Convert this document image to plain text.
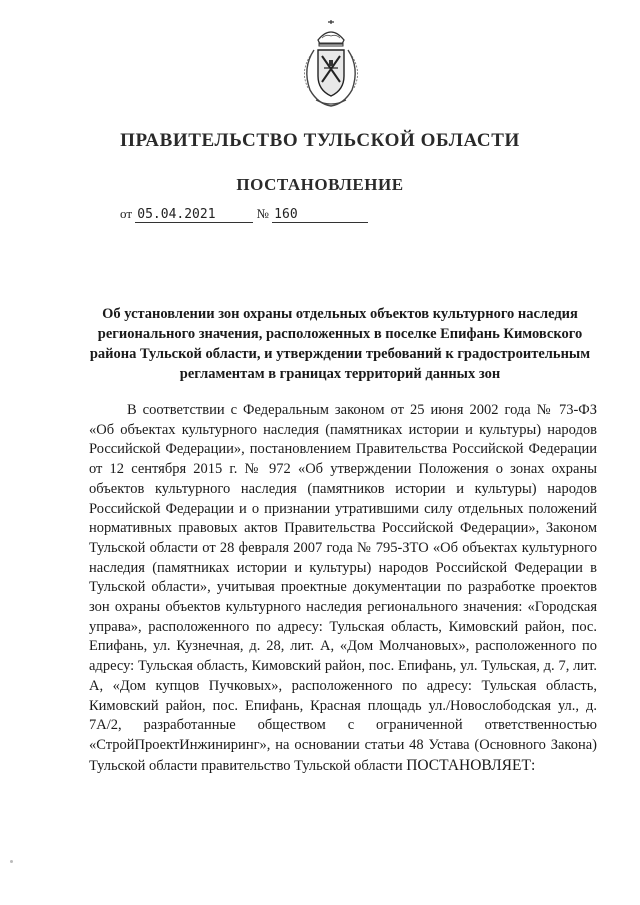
ПРАВИТЕЛЬСТВО ТУЛЬСКОЙ ОБЛАСТИ
ПОСТАНОВЛЕНИЕ
от 05.04.2021	№ 160
Об установлении зон охраны отдельных объектов культурного наследия регионального значения, расположенных в поселке Епифань Кимовского района Тульской области, и утверждении требований к градостроительным регламентам в границах территорий данных зон

В соответствии с Федеральным законом от 25 июня 2002 года № 73-ФЗ «Об объектах культурного наследия (памятниках истории и культуры) народов Российской Федерации», постановлением Правительства Российской Федерации от 12 сентября 2015 г. № 972 «Об утверждении Положения о зонах охраны объектов культурного наследия (памятников истории и культуры) народов Российской Федерации и о признании утратившими силу отдельных положений нормативных правовых актов Правительства Российской Федерации», Законом Тульской области от 28 февраля 2007 года № 795-ЗТО «Об объектах культурного наследия (памятниках истории и культуры) народов Российской Федерации в Тульской области», учитывая проектные документации по разработке проектов зон охраны объектов культурного наследия регионального значения: «Городская управа», расположенного по адресу: Тульская область, Кимовский район, пос. Епифань, ул. Кузнечная, д. 28, лит. А, «Дом Молчановых», расположенного по адресу: Тульская область, Кимовский район, пос. Епифань, ул. Тульская, д. 7, лит. А, «Дом купцов Пучковых», расположенного по адресу: Тульская область, Кимовский район, пос. Епифань, Красная площадь ул./Новослободская ул., д. 7А/2, разработанные обществом с ограниченной ответственностью «СтройПроектИнжиниринг», на основании статьи 48 Устава (Основного Закона) Тульской области правительство Тульской области ПОСТАНОВЛЯЕТ:
